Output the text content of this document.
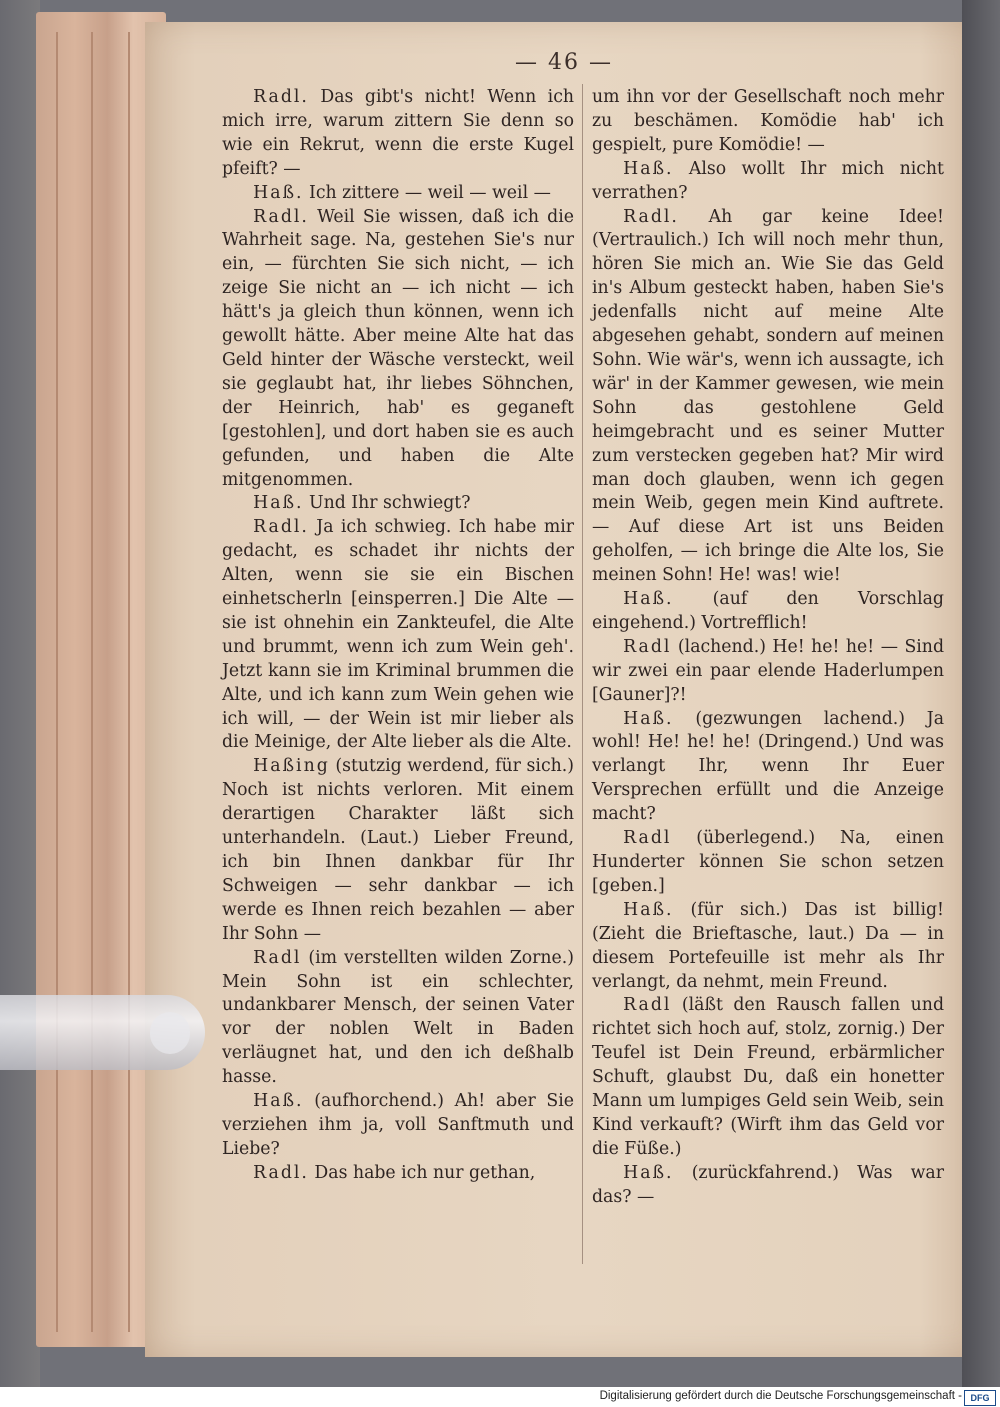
— 46 —

Radl. Das gibt's nicht! Wenn ich mich irre, warum zittern Sie denn so wie ein Rekrut, wenn die erste Kugel pfeift? —

Haß. Ich zittere — weil — weil —

Radl. Weil Sie wissen, daß ich die Wahrheit sage. Na, gestehen Sie's nur ein, — fürchten Sie sich nicht, — ich zeige Sie nicht an — ich nicht — ich hätt's ja gleich thun können, wenn ich gewollt hätte. Aber meine Alte hat das Geld hinter der Wäsche versteckt, weil sie geglaubt hat, ihr liebes Söhnchen, der Heinrich, hab' es geganeft [gestohlen], und dort haben sie es auch gefunden, und haben die Alte mitgenommen.

Haß. Und Ihr schwiegt?

Radl. Ja ich schwieg. Ich habe mir gedacht, es schadet ihr nichts der Alten, wenn sie sie ein Bischen einhetscherln [einsperren.] Die Alte — sie ist ohnehin ein Zankteufel, die Alte und brummt, wenn ich zum Wein geh'. Jetzt kann sie im Kriminal brummen die Alte, und ich kann zum Wein gehen wie ich will, — der Wein ist mir lieber als die Meinige, der Alte lieber als die Alte.

Haßing (stutzig werdend, für sich.) Noch ist nichts verloren. Mit einem derartigen Charakter läßt sich unterhandeln. (Laut.) Lieber Freund, ich bin Ihnen dankbar für Ihr Schweigen — sehr dankbar — ich werde es Ihnen reich bezahlen — aber Ihr Sohn —

Radl (im verstellten wilden Zorne.) Mein Sohn ist ein schlechter, undankbarer Mensch, der seinen Vater vor der noblen Welt in Baden verläugnet hat, und den ich deßhalb hasse.

Haß. (aufhorchend.) Ah! aber Sie verziehen ihm ja, voll Sanftmuth und Liebe?

Radl. Das habe ich nur gethan,

um ihn vor der Gesellschaft noch mehr zu beschämen. Komödie hab' ich gespielt, pure Komödie! —

Haß. Also wollt Ihr mich nicht verrathen?

Radl. Ah gar keine Idee! (Vertraulich.) Ich will noch mehr thun, hören Sie mich an. Wie Sie das Geld in's Album gesteckt haben, haben Sie's jedenfalls nicht auf meine Alte abgesehen gehabt, sondern auf meinen Sohn. Wie wär's, wenn ich aussagte, ich wär' in der Kammer gewesen, wie mein Sohn das gestohlene Geld heimgebracht und es seiner Mutter zum verstecken gegeben hat? Mir wird man doch glauben, wenn ich gegen mein Weib, gegen mein Kind auftrete. — Auf diese Art ist uns Beiden geholfen, — ich bringe die Alte los, Sie meinen Sohn! He! was! wie!

Haß. (auf den Vorschlag eingehend.) Vortrefflich!

Radl (lachend.) He! he! he! — Sind wir zwei ein paar elende Haderlumpen [Gauner]?!

Haß. (gezwungen lachend.) Ja wohl! He! he! he! (Dringend.) Und was verlangt Ihr, wenn Ihr Euer Versprechen erfüllt und die Anzeige macht?

Radl (überlegend.) Na, einen Hunderter können Sie schon setzen [geben.]

Haß. (für sich.) Das ist billig! (Zieht die Brieftasche, laut.) Da — in diesem Portefeuille ist mehr als Ihr verlangt, da nehmt, mein Freund.

Radl (läßt den Rausch fallen und richtet sich hoch auf, stolz, zornig.) Der Teufel ist Dein Freund, erbärmlicher Schuft, glaubst Du, daß ein honetter Mann um lumpiges Geld sein Weib, sein Kind verkauft? (Wirft ihm das Geld vor die Füße.)

Haß. (zurückfahrend.) Was war das? —

Digitalisierung gefördert durch die Deutsche Forschungsgemeinschaft - DFG
